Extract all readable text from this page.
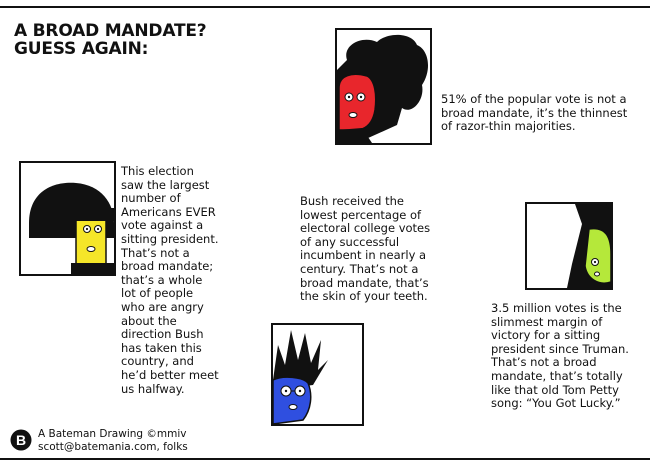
A BROAD MANDATE?
GUESS AGAIN:
51% of the popular vote is not a broad mandate, it’s the thinnest of razor-thin majorities.
This election saw the largest number of Americans EVER vote against a sitting president. That’s not a broad mandate; that’s a whole lot of people who are angry about the direction Bush has taken this country, and he’d better meet us halfway.
Bush received the lowest percentage of electoral college votes of any successful incumbent in nearly a century. That’s not a broad mandate, that’s the skin of your teeth.
3.5 million votes is the slimmest margin of victory for a sitting president since Truman. That’s not a broad mandate, that’s totally like that old Tom Petty song: “You Got Lucky.”
B A Bateman Drawing ©mmiv
scott@batemania.com, folks
